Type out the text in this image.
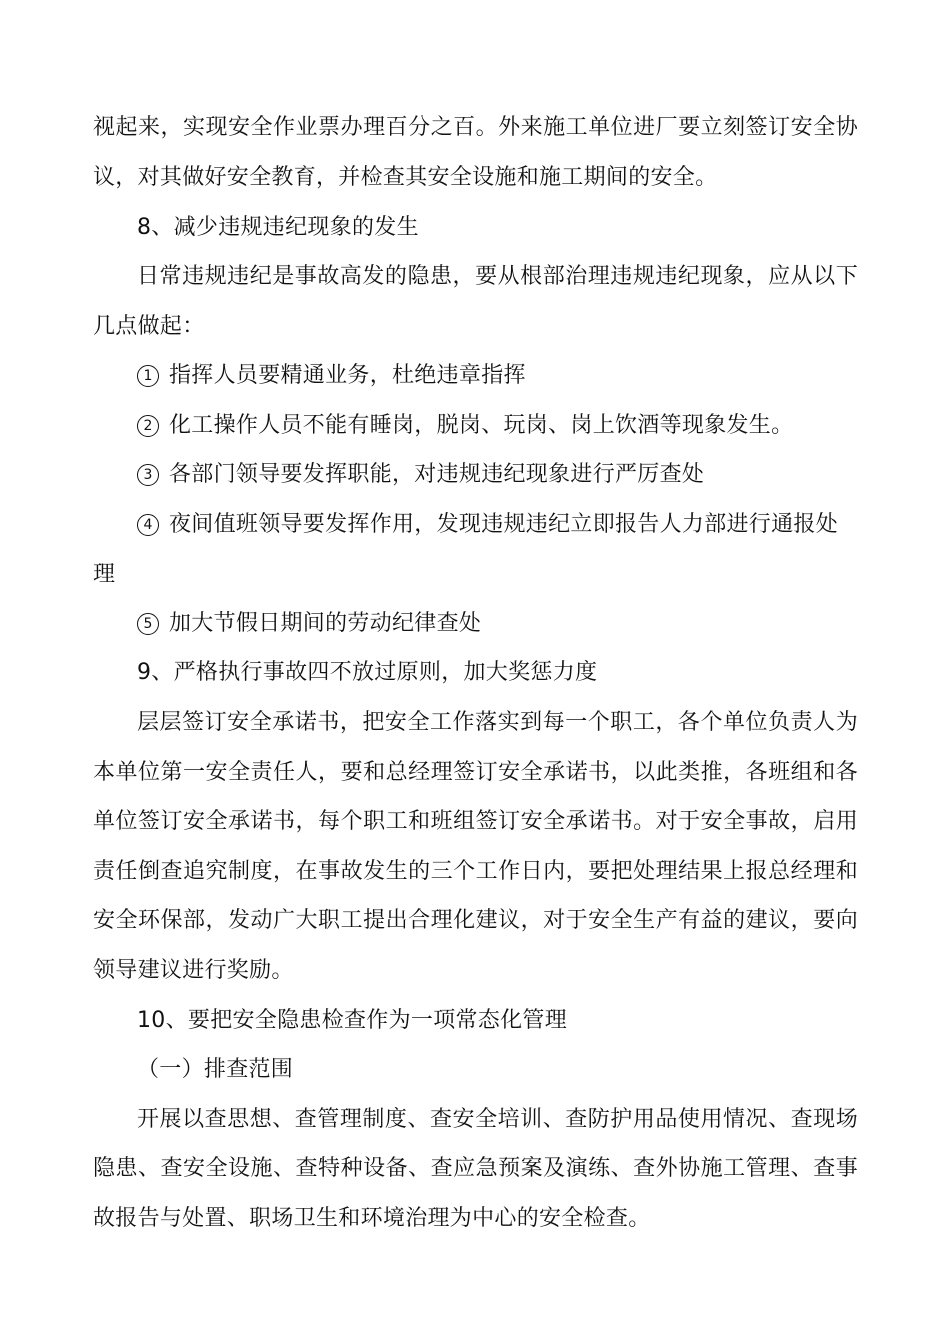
视起来，实现安全作业票办理百分之百。外来施工单位进厂要立刻签订安全协
议，对其做好安全教育，并检查其安全设施和施工期间的安全。
8、减少违规违纪现象的发生
日常违规违纪是事故高发的隐患，要从根部治理违规违纪现象，应从以下
几点做起：
1 指挥人员要精通业务，杜绝违章指挥
2 化工操作人员不能有睡岗，脱岗、玩岗、岗上饮酒等现象发生。
3 各部门领导要发挥职能，对违规违纪现象进行严厉查处
4 夜间值班领导要发挥作用，发现违规违纪立即报告人力部进行通报处
理
5 加大节假日期间的劳动纪律查处
9、严格执行事故四不放过原则，加大奖惩力度
层层签订安全承诺书，把安全工作落实到每一个职工，各个单位负责人为
本单位第一安全责任人，要和总经理签订安全承诺书，以此类推，各班组和各
单位签订安全承诺书，每个职工和班组签订安全承诺书。对于安全事故，启用
责任倒查追究制度，在事故发生的三个工作日内，要把处理结果上报总经理和
安全环保部，发动广大职工提出合理化建议，对于安全生产有益的建议，要向
领导建议进行奖励。
10、要把安全隐患检查作为一项常态化管理
（一）排查范围
开展以查思想、查管理制度、查安全培训、查防护用品使用情况、查现场
隐患、查安全设施、查特种设备、查应急预案及演练、查外协施工管理、查事
故报告与处置、职场卫生和环境治理为中心的安全检查。
